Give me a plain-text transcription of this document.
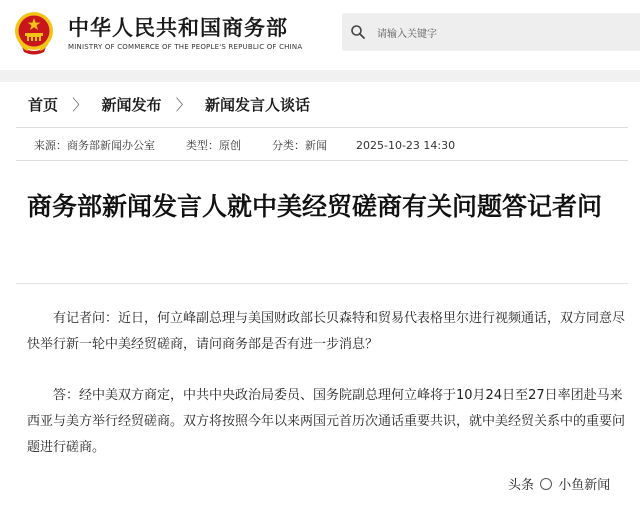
中华人民共和国商务部
MINISTRY OF COMMERCE OF THE PEOPLE'S REPUBLIC OF CHINA
请输入关键字
首页 〉 新闻发布 〉 新闻发言人谈话
来源：商务部新闻办公室	类型：原创	分类：新闻	2025-10-23 14:30
商务部新闻发言人就中美经贸磋商有关问题答记者问

有记者问：近日，何立峰副总理与美国财政部长贝森特和贸易代表格里尔进行视频通话，双方同意尽快举行新一轮中美经贸磋商，请问商务部是否有进一步消息？

答：经中美双方商定，中共中央政治局委员、国务院副总理何立峰将于10月24日至27日率团赴马来西亚与美方举行经贸磋商。双方将按照今年以来两国元首历次通话重要共识，就中美经贸关系中的重要问题进行磋商。

头条 小鱼新闻
